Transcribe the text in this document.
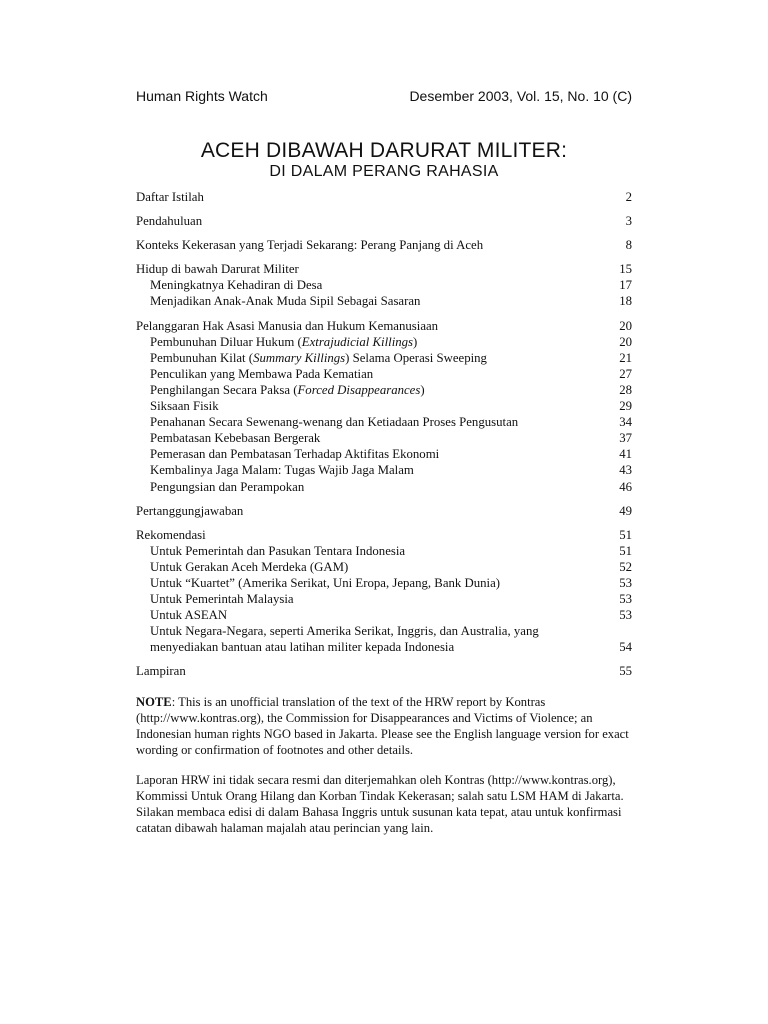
Human Rights Watch	Desember 2003, Vol. 15, No. 10 (C)
ACEH DIBAWAH DARURAT MILITER:
DI DALAM PERANG RAHASIA
Daftar Istilah	2
Pendahuluan	3
Konteks Kekerasan yang Terjadi Sekarang: Perang Panjang di Aceh	8
Hidup di bawah Darurat Militer	15
Meningkatnya Kehadiran di Desa	17
Menjadikan Anak-Anak Muda Sipil Sebagai Sasaran	18
Pelanggaran Hak Asasi Manusia dan Hukum Kemanusiaan	20
Pembunuhan Diluar Hukum (Extrajudicial Killings)	20
Pembunuhan Kilat (Summary Killings) Selama Operasi Sweeping	21
Penculikan yang Membawa Pada Kematian	27
Penghilangan Secara Paksa (Forced Disappearances)	28
Siksaan Fisik	29
Penahanan Secara Sewenang-wenang dan Ketiadaan Proses Pengusutan	34
Pembatasan Kebebasan Bergerak	37
Pemerasan dan Pembatasan Terhadap Aktifitas Ekonomi	41
Kembalinya Jaga Malam: Tugas Wajib Jaga Malam	43
Pengungsian dan Perampokan	46
Pertanggungjawaban	49
Rekomendasi	51
Untuk Pemerintah dan Pasukan Tentara Indonesia	51
Untuk Gerakan Aceh Merdeka (GAM)	52
Untuk “Kuartet” (Amerika Serikat, Uni Eropa, Jepang, Bank Dunia)	53
Untuk Pemerintah Malaysia	53
Untuk ASEAN	53
Untuk Negara-Negara, seperti Amerika Serikat, Inggris, dan Australia, yang menyediakan bantuan atau latihan militer kepada Indonesia	54
Lampiran	55

NOTE: This is an unofficial translation of the text of the HRW report by Kontras (http://www.kontras.org), the Commission for Disappearances and Victims of Violence; an Indonesian human rights NGO based in Jakarta. Please see the English language version for exact wording or confirmation of footnotes and other details.

Laporan HRW ini tidak secara resmi dan diterjemahkan oleh Kontras (http://www.kontras.org), Kommissi Untuk Orang Hilang dan Korban Tindak Kekerasan; salah satu LSM HAM di Jakarta. Silakan membaca edisi di dalam Bahasa Inggris untuk susunan kata tepat, atau untuk konfirmasi catatan dibawah halaman majalah atau perincian yang lain.
